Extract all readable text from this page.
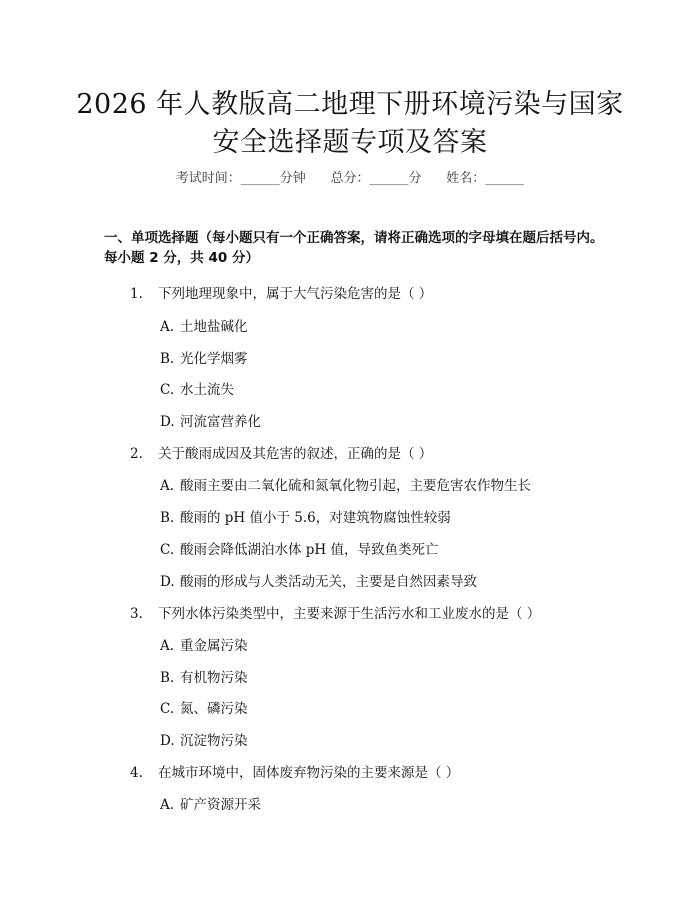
2026 年人教版高二地理下册环境污染与国家
安全选择题专项及答案
考试时间：______分钟      总分：______分      姓名：______
一、单项选择题（每小题只有一个正确答案，请将正确选项的字母填在题后括号内。每小题 2 分，共 40 分）
1. 下列地理现象中，属于大气污染危害的是（ ）
A. 土地盐碱化
B. 光化学烟雾
C. 水土流失
D. 河流富营养化
2. 关于酸雨成因及其危害的叙述，正确的是（ ）
A. 酸雨主要由二氧化硫和氮氧化物引起，主要危害农作物生长
B. 酸雨的 pH 值小于 5.6，对建筑物腐蚀性较弱
C. 酸雨会降低湖泊水体 pH 值，导致鱼类死亡
D. 酸雨的形成与人类活动无关，主要是自然因素导致
3. 下列水体污染类型中，主要来源于生活污水和工业废水的是（ ）
A. 重金属污染
B. 有机物污染
C. 氮、磷污染
D. 沉淀物污染
4. 在城市环境中，固体废弃物污染的主要来源是（ ）
A. 矿产资源开采
